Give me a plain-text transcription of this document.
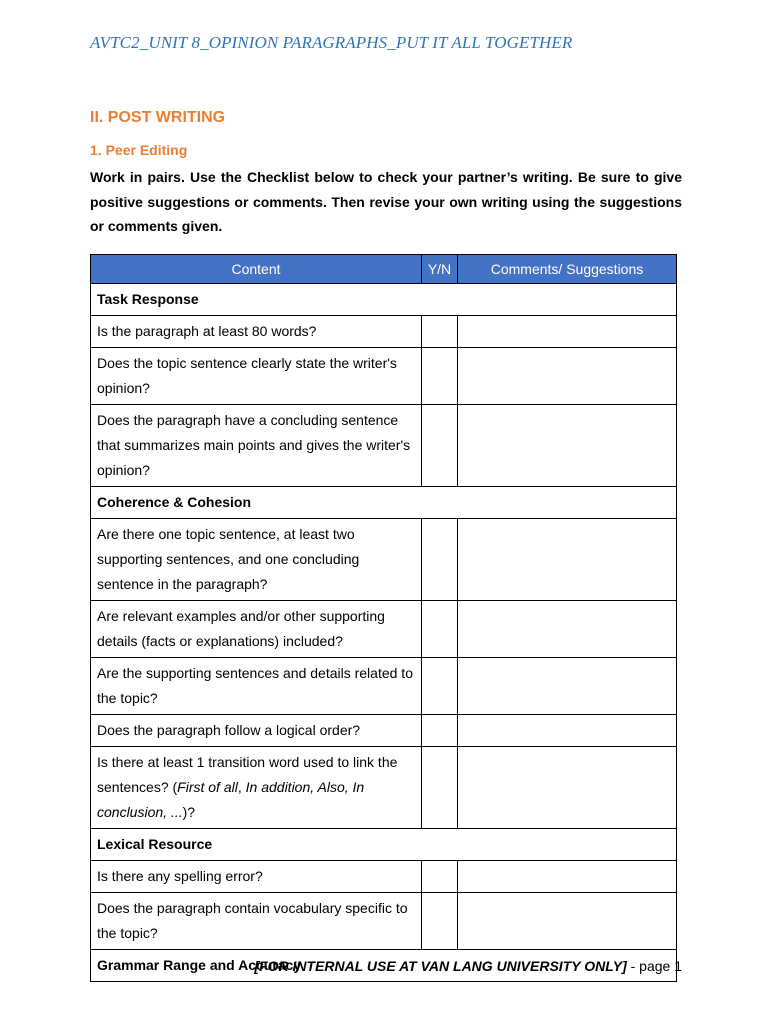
AVTC2_UNIT 8_OPINION PARAGRAPHS_PUT IT ALL TOGETHER
II. POST WRITING
1. Peer Editing

Work in pairs. Use the Checklist below to check your partner’s writing. Be sure to give positive suggestions or comments. Then revise your own writing using the suggestions or comments given.

Content	Y/N	Comments/ Suggestions
Task Response		
Is the paragraph at least 80 words?		
Does the topic sentence clearly state the writer's opinion?		
Does the paragraph have a concluding sentence that summarizes main points and gives the writer's opinion?		
Coherence & Cohesion		
Are there one topic sentence, at least two supporting sentences, and one concluding sentence in the paragraph?		
Are relevant examples and/or other supporting details (facts or explanations) included?		
Are the supporting sentences and details related to the topic?		
Does the paragraph follow a logical order?		
Is there at least 1 transition word used to link the sentences? (First of all, In addition, Also, In conclusion, ...)?		
Lexical Resource		
Is there any spelling error?		
Does the paragraph contain vocabulary specific to the topic?		
Grammar Range and Accuracy		

[FOR INTERNAL USE AT VAN LANG UNIVERSITY ONLY] - page 1
